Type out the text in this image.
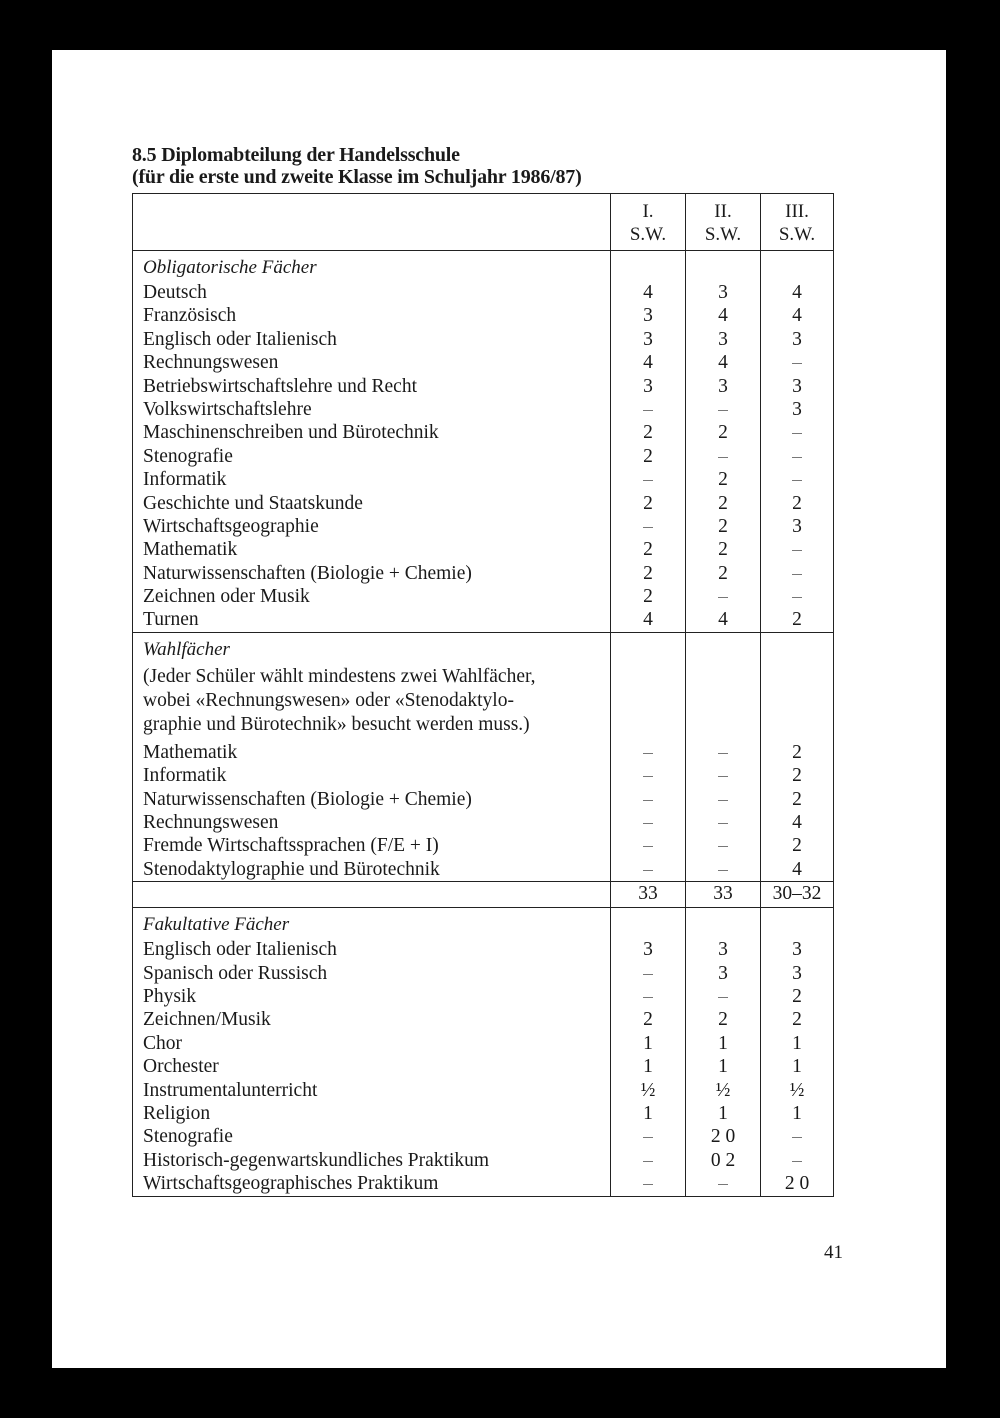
8.5 Diplomabteilung der Handelsschule
(für die erste und zweite Klasse im Schuljahr 1986/87)
I.
S.W.
II.
S.W.
III.
S.W.
Obligatorische Fächer
Deutsch
Französisch
Englisch oder Italienisch
Rechnungswesen
Betriebswirtschaftslehre und Recht
Volkswirtschaftslehre
Maschinenschreiben und Bürotechnik
Stenografie
Informatik
Geschichte und Staatskunde
Wirtschaftsgeographie
Mathematik
Naturwissenschaften (Biologie + Chemie)
Zeichnen oder Musik
Turnen
4
3
3
4
3
–
2
2
–
2
–
2
2
2
4
3
4
3
4
3
–
2
–
2
2
2
2
2
–
4
4
4
3
–
3
3
–
–
–
2
3
–
–
–
2
Wahlfächer
(Jeder Schüler wählt mindestens zwei Wahlfächer,
wobei «Rechnungswesen» oder «Stenodaktylo-
graphie und Bürotechnik» besucht werden muss.)
Mathematik
Informatik
Naturwissenschaften (Biologie + Chemie)
Rechnungswesen
Fremde Wirtschaftssprachen (F/E + I)
Stenodaktylographie und Bürotechnik
–
–
–
–
–
–
–
–
–
–
–
–
2
2
2
4
2
4
33	33	30–32
Fakultative Fächer
Englisch oder Italienisch
Spanisch oder Russisch
Physik
Zeichnen/Musik
Chor
Orchester
Instrumentalunterricht
Religion
Stenografie
Historisch-gegenwartskundliches Praktikum
Wirtschaftsgeographisches Praktikum
3
–
–
2
1
1
½
1
–
–
–
3
3
–
2
1
1
½
1
2 0
0 2
–
3
3
2
2
1
1
½
1
–
–
2 0
41
